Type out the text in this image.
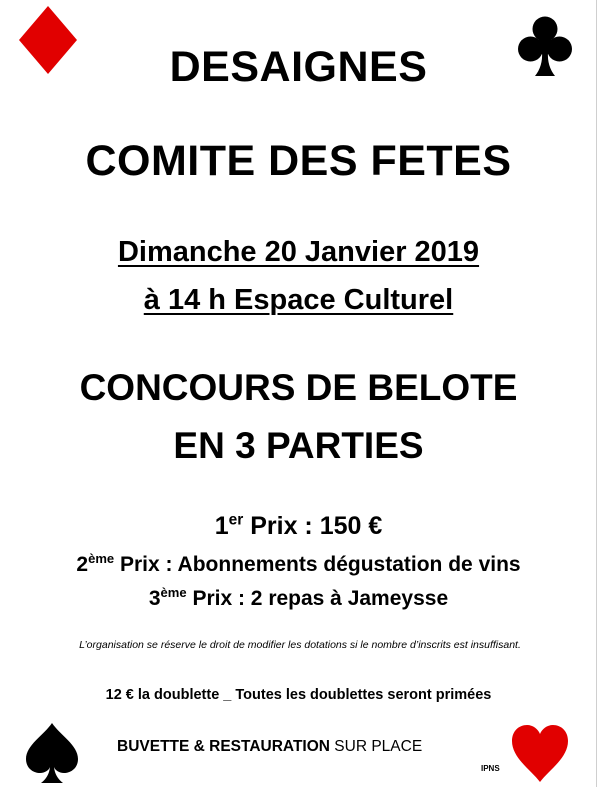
DESAIGNES
COMITE DES FETES
Dimanche 20 Janvier 2019
à 14 h Espace Culturel
CONCOURS DE BELOTE
EN 3 PARTIES
1er Prix : 150 €
2ème Prix : Abonnements dégustation de vins
3ème Prix : 2 repas à Jameysse
L’organisation se réserve le droit de modifier les dotations si le nombre d’inscrits est insuffisant.
12 € la doublette _ Toutes les doublettes seront primées
BUVETTE & RESTAURATION SUR PLACE
IPNS
